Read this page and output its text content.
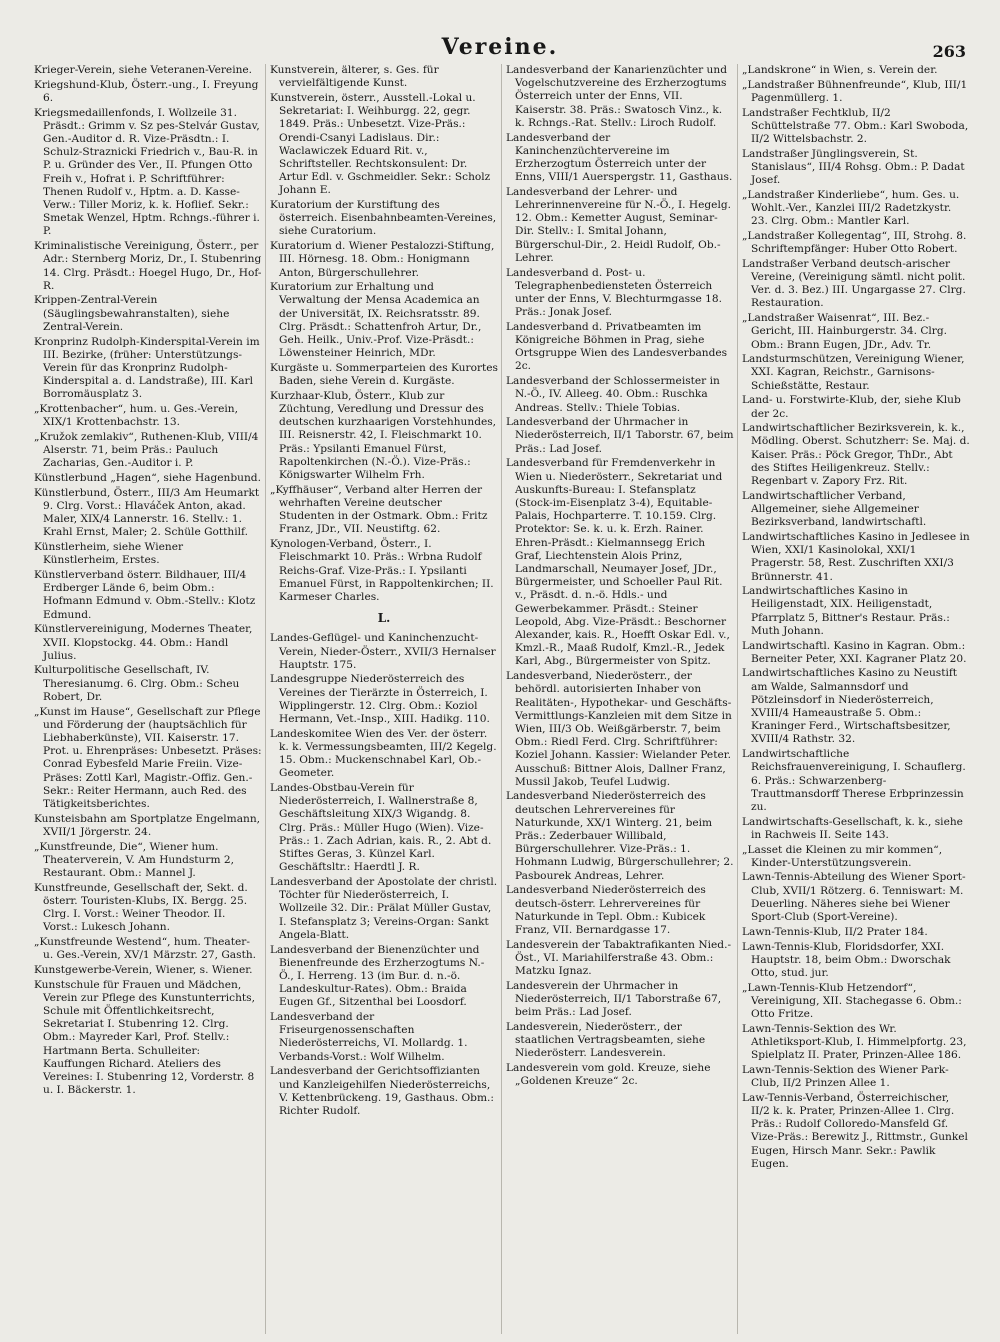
Vereine.	263

Krieger-Verein, siehe Veteranen-Vereine.

Kriegshund-Klub, Österr.-ung., I. Freyung 6.

Kriegsmedaillenfonds, I. Wollzeile 31. Präsdt.: Grimm v. Sz pes-Stelvár Gustav, Gen.-Auditor d. R. Vize-Präsdtn.: I. Schulz-Straznicki Friedrich v., Bau-R. in P. u. Gründer des Ver., II. Pfungen Otto Freih v., Hofrat i. P. Schriftführer: Thenen Rudolf v., Hptm. a. D. Kasse-Verw.: Tiller Moriz, k. k. Hoflief. Sekr.: Smetak Wenzel, Hptm. Rchngs.-führer i. P.

Kriminalistische Vereinigung, Österr., per Adr.: Sternberg Moriz, Dr., I. Stubenring 14. Clrg. Präsdt.: Hoegel Hugo, Dr., Hof-R.

Krippen-Zentral-Verein (Säuglingsbewahranstalten), siehe Zentral-Verein.

Kronprinz Rudolph-Kinderspital-Verein im III. Bezirke, (früher: Unterstützungs-Verein für das Kronprinz Rudolph-Kinderspital a. d. Landstraße), III. Karl Borromäusplatz 3.

„Krottenbacher“, hum. u. Ges.-Verein, XIX/1 Krottenbachstr. 13.

„Kružok zemlakiv“, Ruthenen-Klub, VIII/4 Alserstr. 71, beim Präs.: Pauluch Zacharias, Gen.-Auditor i. P.

Künstlerbund „Hagen“, siehe Hagenbund.

Künstlerbund, Österr., III/3 Am Heumarkt 9. Clrg. Vorst.: Hlaváček Anton, akad. Maler, XIX/4 Lannerstr. 16. Stellv.: 1. Krahl Ernst, Maler; 2. Schüle Gotthilf.

Künstlerheim, siehe Wiener Künstlerheim, Erstes.

Künstlerverband österr. Bildhauer, III/4 Erdberger Lände 6, beim Obm.: Hofmann Edmund v. Obm.-Stellv.: Klotz Edmund.

Künstlervereinigung, Modernes Theater, XVII. Klopstockg. 44. Obm.: Handl Julius.

Kulturpolitische Gesellschaft, IV. Theresianumg. 6. Clrg. Obm.: Scheu Robert, Dr.

„Kunst im Hause“, Gesellschaft zur Pflege und Förderung der (hauptsächlich für Liebhaberkünste), VII. Kaiserstr. 17. Prot. u. Ehrenpräses: Unbesetzt. Präses: Conrad Eybesfeld Marie Freiin. Vize-Präses: Zottl Karl, Magistr.-Offiz. Gen.-Sekr.: Reiter Hermann, auch Red. des Tätigkeitsberichtes.

Kunsteisbahn am Sportplatze Engelmann, XVII/1 Jörgerstr. 24.

„Kunstfreunde, Die“, Wiener hum. Theaterverein, V. Am Hundsturm 2, Restaurant. Obm.: Mannel J.

Kunstfreunde, Gesellschaft der, Sekt. d. österr. Touristen-Klubs, IX. Bergg. 25. Clrg. I. Vorst.: Weiner Theodor. II. Vorst.: Lukesch Johann.

„Kunstfreunde Westend“, hum. Theater- u. Ges.-Verein, XV/1 Märzstr. 27, Gasth.

Kunstgewerbe-Verein, Wiener, s. Wiener.

Kunstschule für Frauen und Mädchen, Verein zur Pflege des Kunstunterrichts, Schule mit Öffentlichkeitsrecht, Sekretariat I. Stubenring 12. Clrg. Obm.: Mayreder Karl, Prof. Stellv.: Hartmann Berta. Schulleiter: Kauffungen Richard. Ateliers des Vereines: I. Stubenring 12, Vorderstr. 8 u. I. Bäckerstr. 1.

Kunstverein, älterer, s. Ges. für vervielfältigende Kunst.

Kunstverein, österr., Ausstell.-Lokal u. Sekretariat: I. Weihburgg. 22, gegr. 1849. Präs.: Unbesetzt. Vize-Präs.: Orendi-Csanyi Ladislaus. Dir.: Waclawiczek Eduard Rit. v., Schriftsteller. Rechtskonsulent: Dr. Artur Edl. v. Gschmeidler. Sekr.: Scholz Johann E.

Kuratorium der Kurstiftung des österreich. Eisenbahnbeamten-Vereines, siehe Curatorium.

Kuratorium d. Wiener Pestalozzi-Stiftung, III. Hörnesg. 18. Obm.: Honigmann Anton, Bürgerschullehrer.

Kuratorium zur Erhaltung und Verwaltung der Mensa Academica an der Universität, IX. Reichsratsstr. 89. Clrg. Präsdt.: Schattenfroh Artur, Dr., Geh. Heilk., Univ.-Prof. Vize-Präsdt.: Löwensteiner Heinrich, MDr.

Kurgäste u. Sommerparteien des Kurortes Baden, siehe Verein d. Kurgäste.

Kurzhaar-Klub, Österr., Klub zur Züchtung, Veredlung und Dressur des deutschen kurzhaarigen Vorstehhundes, III. Reisnerstr. 42, I. Fleischmarkt 10. Präs.: Ypsilanti Emanuel Fürst, Rapoltenkirchen (N.-Ö.). Vize-Präs.: Königswarter Wilhelm Frh.

„Kyffhäuser“, Verband alter Herren der wehrhaften Vereine deutscher Studenten in der Ostmark. Obm.: Fritz Franz, JDr., VII. Neustiftg. 62.

Kynologen-Verband, Österr., I. Fleischmarkt 10. Präs.: Wrbna Rudolf Reichs-Graf. Vize-Präs.: I. Ypsilanti Emanuel Fürst, in Rappoltenkirchen; II. Karmeser Charles.

L.

Landes-Geflügel- und Kaninchenzucht-Verein, Nieder-Österr., XVII/3 Hernalser Hauptstr. 175.

Landesgruppe Niederösterreich des Vereines der Tierärzte in Österreich, I. Wipplingerstr. 12. Clrg. Obm.: Koziol Hermann, Vet.-Insp., XIII. Hadikg. 110.

Landeskomitee Wien des Ver. der österr. k. k. Vermessungsbeamten, III/2 Kegelg. 15. Obm.: Muckenschnabel Karl, Ob.-Geometer.

Landes-Obstbau-Verein für Niederösterreich, I. Wallnerstraße 8, Geschäftsleitung XIX/3 Wigandg. 8. Clrg. Präs.: Müller Hugo (Wien). Vize-Präs.: 1. Zach Adrian, kais. R., 2. Abt d. Stiftes Geras, 3. Künzel Karl. Geschäftsltr.: Haerdtl J. R.

Landesverband der Apostolate der christl. Töchter für Niederösterreich, I. Wollzeile 32. Dir.: Prälat Müller Gustav, I. Stefansplatz 3; Vereins-Organ: Sankt Angela-Blatt.

Landesverband der Bienenzüchter und Bienenfreunde des Erzherzogtums N.-Ö., I. Herreng. 13 (im Bur. d. n.-ö. Landeskultur-Rates). Obm.: Braida Eugen Gf., Sitzenthal bei Loosdorf.

Landesverband der Friseurgenossenschaften Niederösterreichs, VI. Mollardg. 1. Verbands-Vorst.: Wolf Wilhelm.

Landesverband der Gerichtsoffizianten und Kanzleigehilfen Niederösterreichs, V. Kettenbrückeng. 19, Gasthaus. Obm.: Richter Rudolf.

Landesverband der Kanarienzüchter und Vogelschutzvereine des Erzherzogtums Österreich unter der Enns, VII. Kaiserstr. 38. Präs.: Swatosch Vinz., k. k. Rchngs.-Rat. Stellv.: Liroch Rudolf.

Landesverband der Kaninchenzüchtervereine im Erzherzogtum Österreich unter der Enns, VIII/1 Auerspergstr. 11, Gasthaus.

Landesverband der Lehrer- und Lehrerinnenvereine für N.-Ö., I. Hegelg. 12. Obm.: Kemetter August, Seminar-Dir. Stellv.: I. Smital Johann, Bürgerschul-Dir., 2. Heidl Rudolf, Ob.-Lehrer.

Landesverband d. Post- u. Telegraphenbediensteten Österreich unter der Enns, V. Blechturmgasse 18. Präs.: Jonak Josef.

Landesverband d. Privatbeamten im Königreiche Böhmen in Prag, siehe Ortsgruppe Wien des Landesverbandes 2c.

Landesverband der Schlossermeister in N.-Ö., IV. Alleeg. 40. Obm.: Ruschka Andreas. Stellv.: Thiele Tobias.

Landesverband der Uhrmacher in Niederösterreich, II/1 Taborstr. 67, beim Präs.: Lad Josef.

Landesverband für Fremdenverkehr in Wien u. Niederösterr., Sekretariat und Auskunfts-Bureau: I. Stefansplatz (Stock-im-Eisenplatz 3-4), Equitable-Palais, Hochparterre. T. 10.159. Clrg. Protektor: Se. k. u. k. Erzh. Rainer. Ehren-Präsdt.: Kielmannsegg Erich Graf, Liechtenstein Alois Prinz, Landmarschall, Neumayer Josef, JDr., Bürgermeister, und Schoeller Paul Rit. v., Präsdt. d. n.-ö. Hdls.- und Gewerbekammer. Präsdt.: Steiner Leopold, Abg. Vize-Präsdt.: Beschorner Alexander, kais. R., Hoefft Oskar Edl. v., Kmzl.-R., Maaß Rudolf, Kmzl.-R., Jedek Karl, Abg., Bürgermeister von Spitz.

Landesverband, Niederösterr., der behördl. autorisierten Inhaber von Realitäten-, Hypothekar- und Geschäfts-Vermittlungs-Kanzleien mit dem Sitze in Wien, III/3 Ob. Weißgärberstr. 7, beim Obm.: Riedl Ferd. Clrg. Schriftführer: Koziel Johann. Kassier: Wielander Peter. Ausschuß: Bittner Alois, Dallner Franz, Mussil Jakob, Teufel Ludwig.

Landesverband Niederösterreich des deutschen Lehrervereines für Naturkunde, XX/1 Winterg. 21, beim Präs.: Zederbauer Willibald, Bürgerschullehrer. Vize-Präs.: 1. Hohmann Ludwig, Bürgerschullehrer; 2. Pasbourek Andreas, Lehrer.

Landesverband Niederösterreich des deutsch-österr. Lehrervereines für Naturkunde in Tepl. Obm.: Kubicek Franz, VII. Bernardgasse 17.

Landesverein der Tabaktrafikanten Nied.-Öst., VI. Mariahilferstraße 43. Obm.: Matzku Ignaz.

Landesverein der Uhrmacher in Niederösterreich, II/1 Taborstraße 67, beim Präs.: Lad Josef.

Landesverein, Niederösterr., der staatlichen Vertragsbeamten, siehe Niederösterr. Landesverein.

Landesverein vom gold. Kreuze, siehe „Goldenen Kreuze“ 2c.

„Landskrone“ in Wien, s. Verein der.

„Landstraßer Bühnenfreunde“, Klub, III/1 Pagenmüllerg. 1.

Landstraßer Fechtklub, II/2 Schüttelstraße 77. Obm.: Karl Swoboda, II/2 Wittelsbachstr. 2.

Landstraßer Jünglingsverein, St. Stanislaus“, III/4 Rohsg. Obm.: P. Dadat Josef.

„Landstraßer Kinderliebe“, hum. Ges. u. Wohlt.-Ver., Kanzlei III/2 Radetzkystr. 23. Clrg. Obm.: Mantler Karl.

„Landstraßer Kollegentag“, III, Strohg. 8. Schriftempfänger: Huber Otto Robert.

Landstraßer Verband deutsch-arischer Vereine, (Vereinigung sämtl. nicht polit. Ver. d. 3. Bez.) III. Ungargasse 27. Clrg. Restauration.

„Landstraßer Waisenrat“, III. Bez.-Gericht, III. Hainburgerstr. 34. Clrg. Obm.: Brann Eugen, JDr., Adv. Tr.

Landsturmschützen, Vereinigung Wiener, XXI. Kagran, Reichstr., Garnisons-Schießstätte, Restaur.

Land- u. Forstwirte-Klub, der, siehe Klub der 2c.

Landwirtschaftlicher Bezirksverein, k. k., Mödling. Oberst. Schutzherr: Se. Maj. d. Kaiser. Präs.: Pöck Gregor, ThDr., Abt des Stiftes Heiligenkreuz. Stellv.: Regenbart v. Zapory Frz. Rit.

Landwirtschaftlicher Verband, Allgemeiner, siehe Allgemeiner Bezirksverband, landwirtschaftl.

Landwirtschaftliches Kasino in Jedlesee in Wien, XXI/1 Kasinolokal, XXI/1 Pragerstr. 58, Rest. Zuschriften XXI/3 Brünnerstr. 41.

Landwirtschaftliches Kasino in Heiligenstadt, XIX. Heiligenstadt, Pfarrplatz 5, Bittner's Restaur. Präs.: Muth Johann.

Landwirtschaftl. Kasino in Kagran. Obm.: Berneiter Peter, XXI. Kagraner Platz 20.

Landwirtschaftliches Kasino zu Neustift am Walde, Salmannsdorf und Pötzleinsdorf in Niederösterreich, XVIII/4 Hameaustraße 5. Obm.: Kraninger Ferd., Wirtschaftsbesitzer, XVIII/4 Rathstr. 32.

Landwirtschaftliche Reichsfrauenvereinigung, I. Schauflerg. 6. Präs.: Schwarzenberg-Trauttmansdorff Therese Erbprinzessin zu.

Landwirtschafts-Gesellschaft, k. k., siehe in Rachweis II. Seite 143.

„Lasset die Kleinen zu mir kommen“, Kinder-Unterstützungsverein.

Lawn-Tennis-Abteilung des Wiener Sport-Club, XVII/1 Rötzerg. 6. Tenniswart: M. Deuerling. Näheres siehe bei Wiener Sport-Club (Sport-Vereine).

Lawn-Tennis-Klub, II/2 Prater 184.

Lawn-Tennis-Klub, Floridsdorfer, XXI. Hauptstr. 18, beim Obm.: Dworschak Otto, stud. jur.

„Lawn-Tennis-Klub Hetzendorf“, Vereinigung, XII. Stachegasse 6. Obm.: Otto Fritze.

Lawn-Tennis-Sektion des Wr. Athletiksport-Klub, I. Himmelpfortg. 23, Spielplatz II. Prater, Prinzen-Allee 186.

Lawn-Tennis-Sektion des Wiener Park-Club, II/2 Prinzen Allee 1.

Law-Tennis-Verband, Österreichischer, II/2 k. k. Prater, Prinzen-Allee 1. Clrg. Präs.: Rudolf Colloredo-Mansfeld Gf. Vize-Präs.: Berewitz J., Rittmstr., Gunkel Eugen, Hirsch Manr. Sekr.: Pawlik Eugen.
